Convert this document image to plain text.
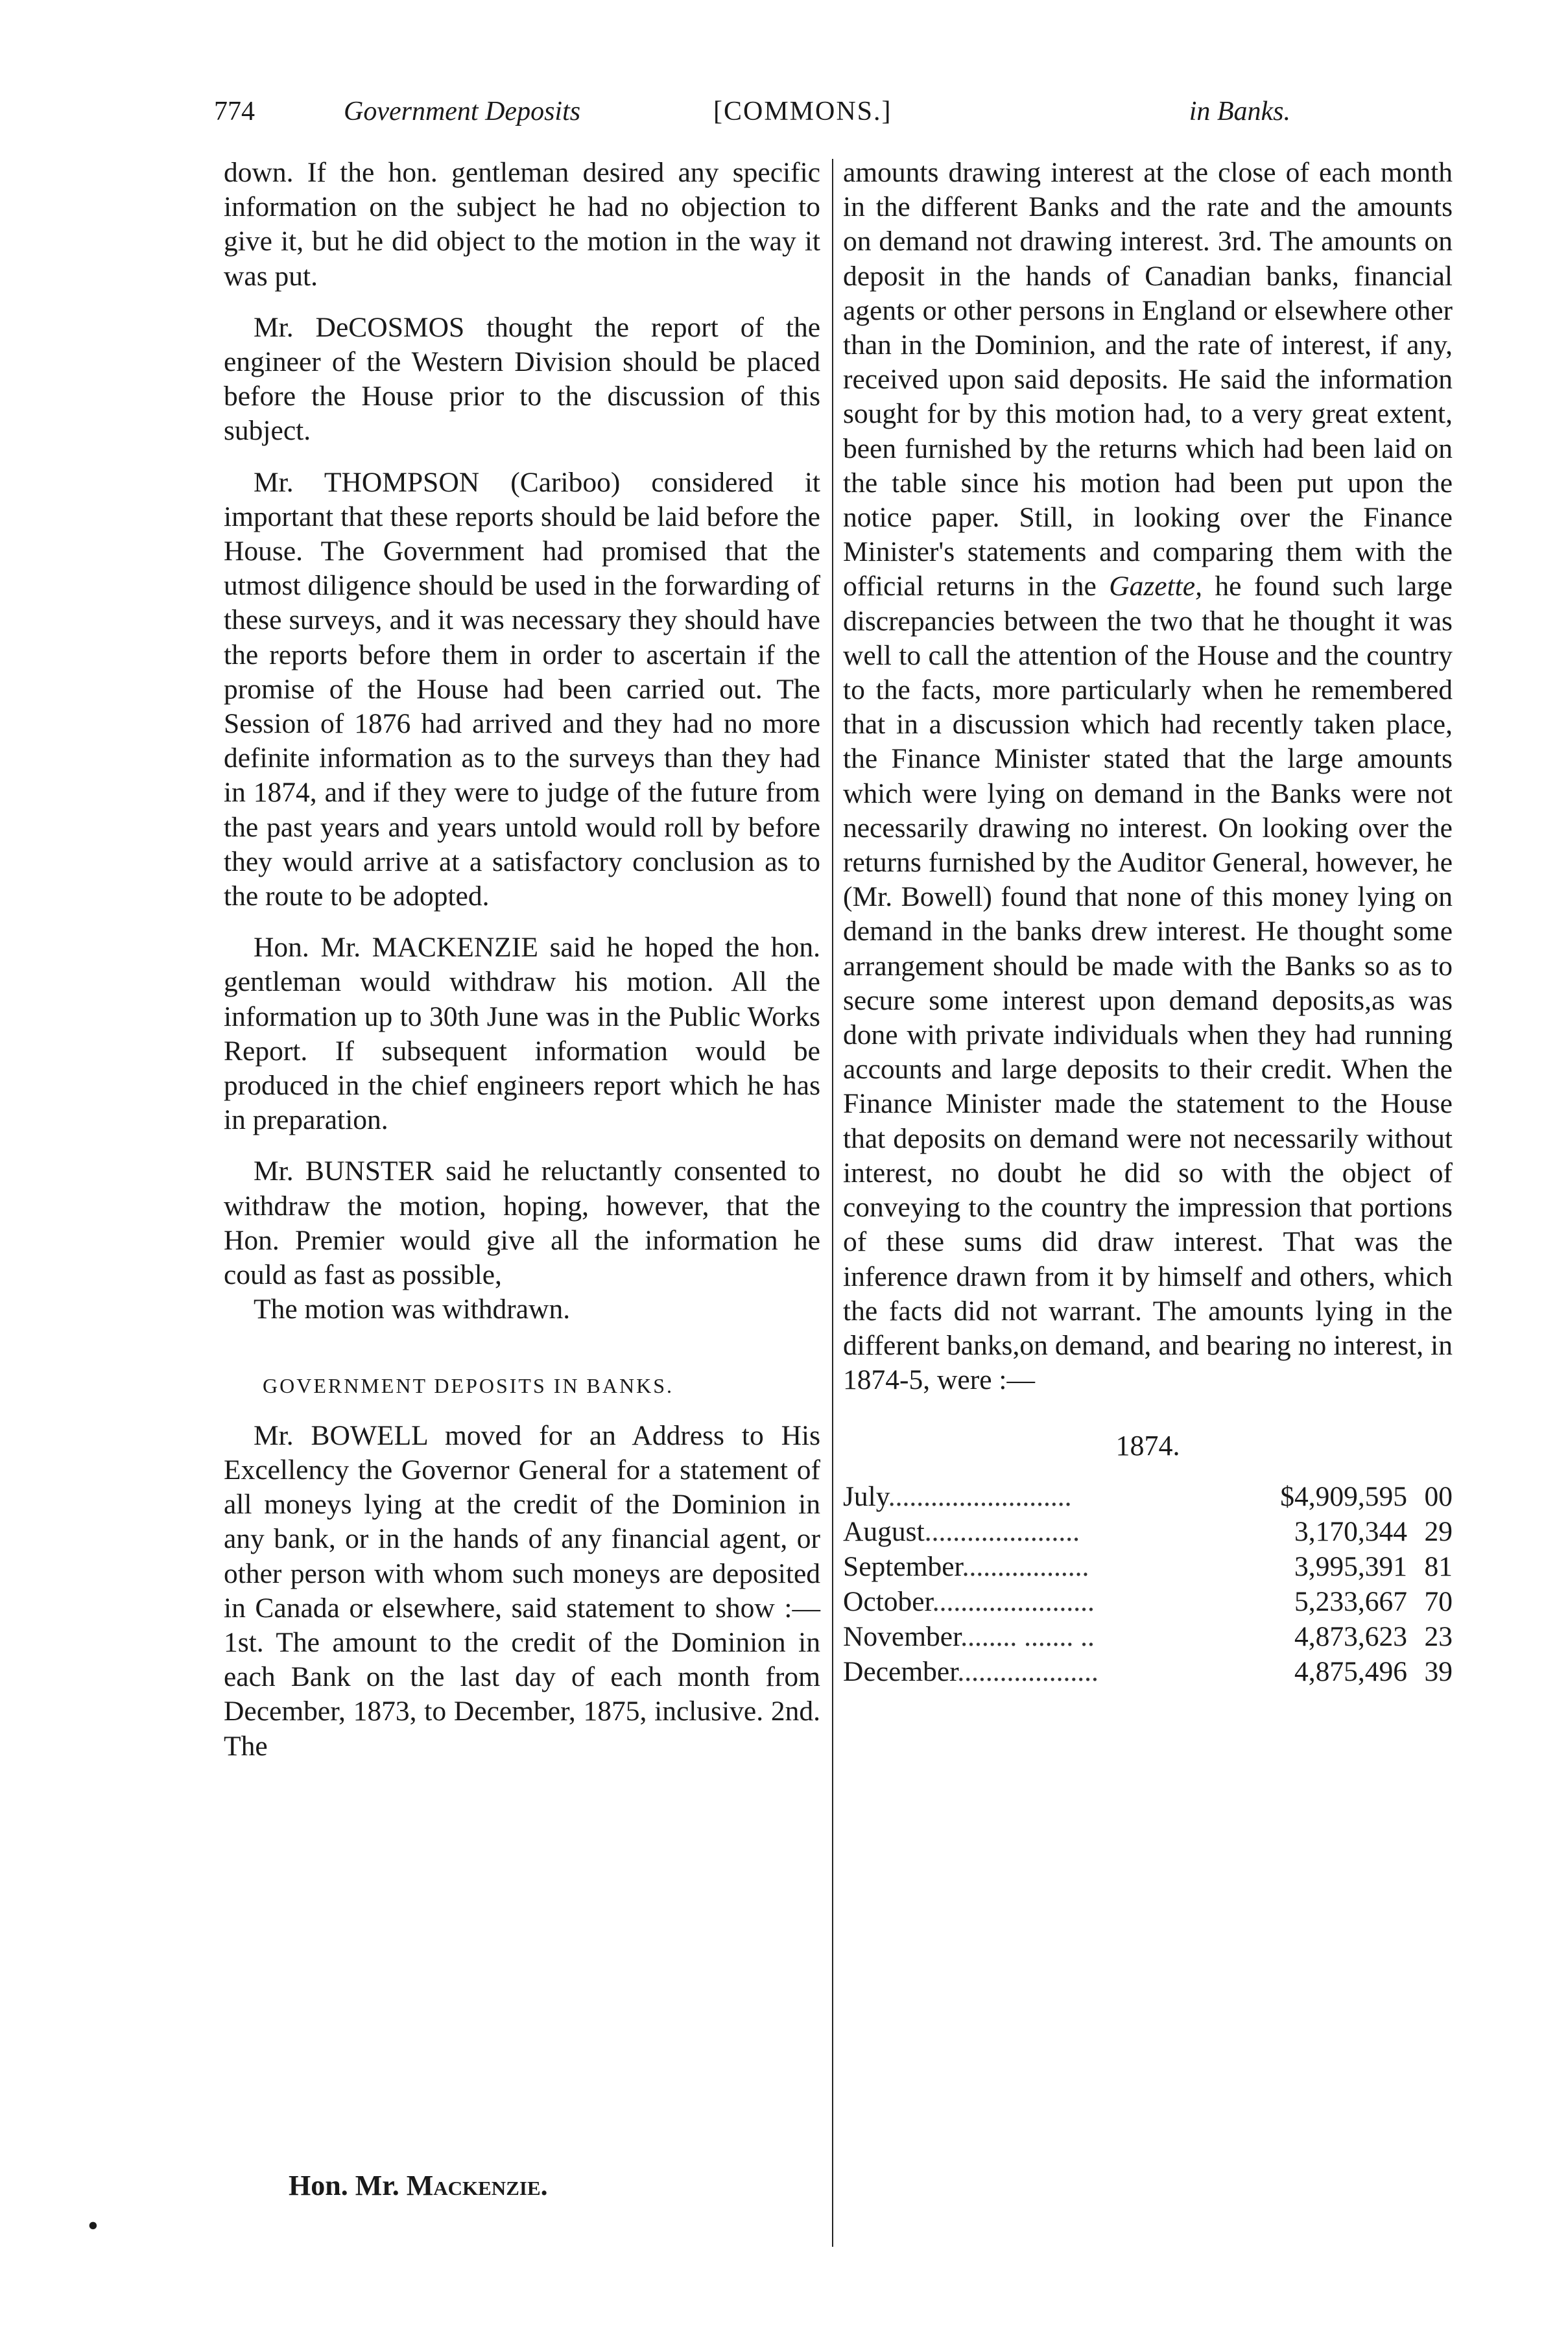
774	Government Deposits	[COMMONS.]	in Banks.

down. If the hon. gentleman desired any specific information on the subject he had no objection to give it, but he did object to the motion in the way it was put.

Mr. DeCOSMOS thought the report of the engineer of the Western Division should be placed before the House prior to the discussion of this subject.

Mr. THOMPSON (Cariboo) considered it important that these reports should be laid before the House. The Government had promised that the utmost diligence should be used in the forwarding of these surveys, and it was necessary they should have the reports before them in order to ascertain if the promise of the House had been carried out. The Session of 1876 had arrived and they had no more definite information as to the surveys than they had in 1874, and if they were to judge of the future from the past years and years untold would roll by before they would arrive at a satisfactory conclusion as to the route to be adopted.

Hon. Mr. MACKENZIE said he hoped the hon. gentleman would withdraw his motion. All the information up to 30th June was in the Public Works Report. If subsequent information would be produced in the chief engineers report which he has in preparation.

Mr. BUNSTER said he reluctantly consented to withdraw the motion, hoping, however, that the Hon. Premier would give all the information he could as fast as possible,

The motion was withdrawn.

GOVERNMENT DEPOSITS IN BANKS.

Mr. BOWELL moved for an Address to His Excellency the Governor General for a statement of all moneys lying at the credit of the Dominion in any bank, or in the hands of any financial agent, or other person with whom such moneys are deposited in Canada or elsewhere, said statement to show :— 1st. The amount to the credit of the Dominion in each Bank on the last day of each month from December, 1873, to December, 1875, inclusive. 2nd. The

amounts drawing interest at the close of each month in the different Banks and the rate and the amounts on demand not drawing interest. 3rd. The amounts on deposit in the hands of Canadian banks, financial agents or other persons in England or elsewhere other than in the Dominion, and the rate of interest, if any, received upon said deposits. He said the information sought for by this motion had, to a very great extent, been furnished by the returns which had been laid on the table since his motion had been put upon the notice paper. Still, in looking over the Finance Minister's statements and comparing them with the official returns in the Gazette, he found such large discrepancies between the two that he thought it was well to call the attention of the House and the country to the facts, more particularly when he remembered that in a discussion which had recently taken place, the Finance Minister stated that the large amounts which were lying on demand in the Banks were not necessarily drawing no interest. On looking over the returns furnished by the Auditor General, however, he (Mr. Bowell) found that none of this money lying on demand in the banks drew interest. He thought some arrangement should be made with the Banks so as to secure some interest upon demand deposits,as was done with private individuals when they had running accounts and large deposits to their credit. When the Finance Minister made the statement to the House that deposits on demand were not necessarily without interest, no doubt he did so with the object of conveying to the country the impression that portions of these sums did draw interest. That was the inference drawn from it by himself and others, which the facts did not warrant. The amounts lying in the different banks,on demand, and bearing no interest, in 1874-5, were :—

1874.
July..........................	$4,909,595	00
August......................	3,170,344	29
September..................	3,995,391	81
October.......................	5,233,667	70
November........ ....... ..	4,873,623	23
December....................	4,875,496	39
Hon. Mr. Mackenzie.
•
